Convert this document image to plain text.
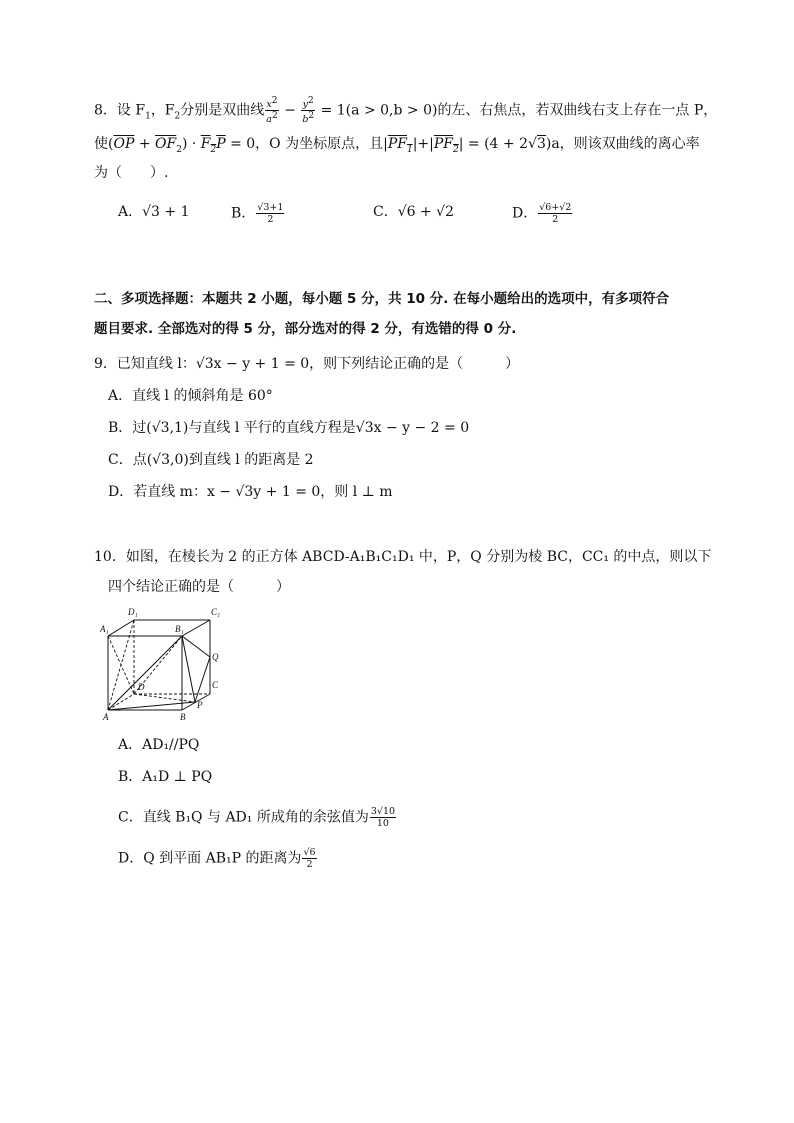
8．设 $F_1$，$F_2$分别是双曲线 $\frac{x^2}{a^2} - \frac{y^2}{b^2} = 1(a > 0,b > 0)$的左、右焦点，若双曲线右支上存在一点 P，
使$(\overline{OP} + \overline{OF}_2) \cdot F_2P = 0$，O 为坐标原点，且$|PF_1|+|PF_2| = (4 + 2√3)a$，则该双曲线的离心率
为（　　）.
A．√3 + 1	B． $\frac{√3+1}{2}$	C．√6 + √2	D． $\frac{√6+√2}{2}$
二、多项选择题：本题共 2 小题，每小题 5 分，共 10 分. 在每小题给出的选项中，有多项符合
题目要求. 全部选对的得 5 分，部分选对的得 2 分，有选错的得 0 分.
9．已知直线 l：√3x − y + 1 = 0，则下列结论正确的是（　　　）
A．直线 l 的倾斜角是 60°
B．过(√3,1)与直线 l 平行的直线方程是√3x − y − 2 = 0
C．点(√3,0)到直线 l 的距离是 2
D．若直线 m：x − √3y + 1 = 0，则 l ⊥ m
10．如图，在棱长为 2 的正方体 ABCD-A₁B₁C₁D₁ 中，P，Q 分别为棱 BC，CC₁ 的中点，则以下
四个结论正确的是（　　　）
D₁	C₁
A₁	B₁
Q
C
D
P
A	B
A．AD₁//PQ
B．A₁D ⊥ PQ
C．直线 B₁Q 与 AD₁ 所成角的余弦值为 $\frac{3√10}{10}$
D．Q 到平面 AB₁P 的距离为 $\frac{√6}{2}$
